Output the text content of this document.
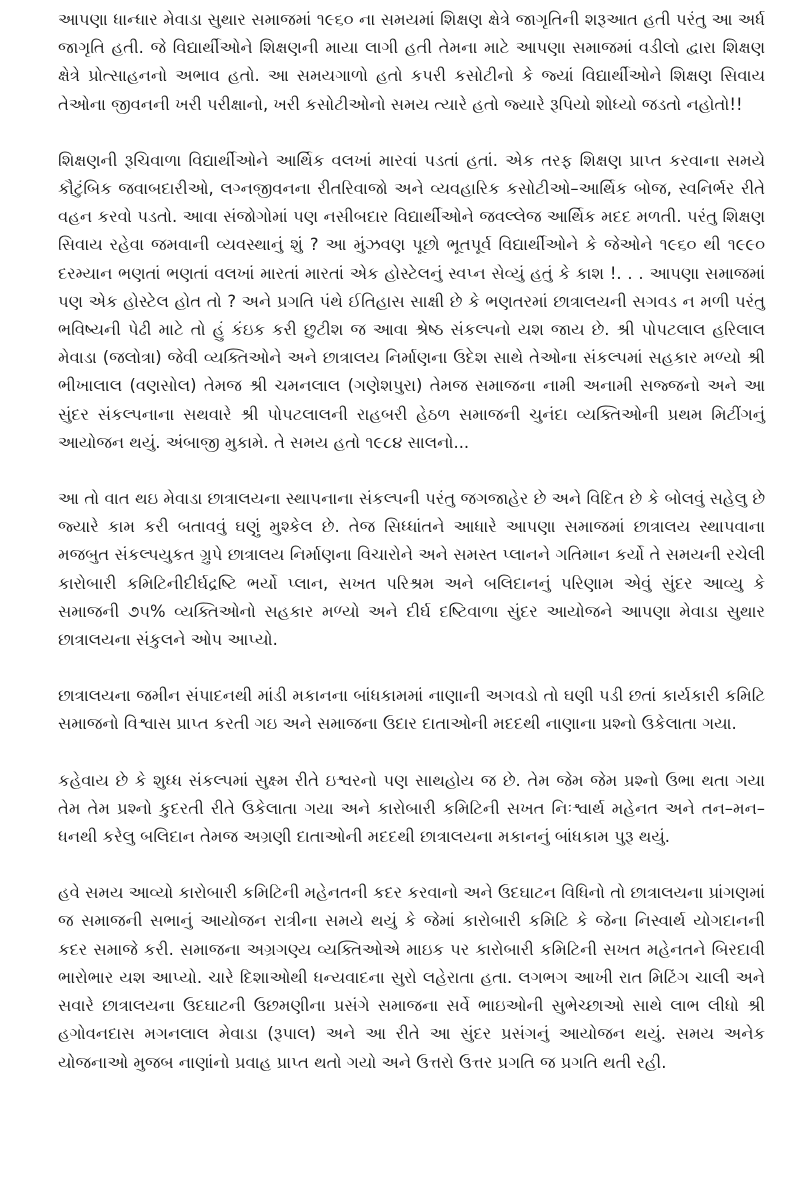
આપણા ધાન્ધાર મેવાડા સુથાર સમાજમાં ૧૯૬૦ ના સમયમાં શિક્ષણ ક્ષેત્રે જાગૃતિની શરૂઆત હતી પરંતુ આ અર્ધ જાગૃતિ હતી. જે વિદ્યાર્થીઓને શિક્ષણની માયા લાગી હતી તેમના માટે આપણા સમાજમાં વડીલો દ્વારા શિક્ષણ ક્ષેત્રે પ્રોત્સાહનનો અભાવ હતો. આ સમયગાળો હતો કપરી કસોટીનો કે જ્યાં વિદ્યાર્થીઓને શિક્ષણ સિવાય તેઓના જીવનની ખરી પરીક્ષાનો, ખરી કસોટીઓનો સમય ત્યારે હતો જ્યારે રૂપિયો શોધ્યો જડતો નહોતો!!

શિક્ષણની રૂચિવાળા વિદ્યાર્થીઓને આર્થિક વલખાં મારવાં પડતાં હતાં. એક તરફ શિક્ષણ પ્રાપ્ત કરવાના સમયે કૌટુંબિક જવાબદારીઓ, લગ્નજીવનના રીતરિવાજો અને વ્યવહારિક કસોટીઓ–આર્થિક બોજ, સ્વનિર્ભર રીતે વહન કરવો પડતો. આવા સંજોગોમાં પણ નસીબદાર વિદ્યાર્થીઓને જવલ્લેજ આર્થિક મદદ મળતી. પરંતુ શિક્ષણ સિવાય રહેવા જમવાની વ્યવસ્થાનું શું ? આ મુંઝવણ પૂછો ભૂતપૂર્વ વિદ્યાર્થીઓને કે જેઓને ૧૯૬૦ થી ૧૯૯૦ દરમ્યાન ભણતાં ભણતાં વલખાં મારતાં મારતાં એક હોસ્ટેલનું સ્વપ્ન સેવ્યું હતું કે કાશ !. . . આપણા સમાજમાં પણ એક હોસ્ટેલ હોત તો ? અને પ્રગતિ પંથે ઈતિહાસ સાક્ષી છે કે ભણતરમાં છાત્રાલયની સગવડ ન મળી પરંતુ ભવિષ્યની પેઢી માટે તો હું કંઇક કરી છુટીશ જ આવા શ્રેષ્ઠ સંકલ્પનો યશ જાય છે. શ્રી પોપટલાલ હરિલાલ મેવાડા (જલોત્રા) જેવી વ્યક્તિઓને અને છાત્રાલય નિર્માણના ઉદેશ સાથે તેઓના સંકલ્પમાં સહકાર મળ્યો શ્રી ભીખાલાલ (વણસોલ) તેમજ શ્રી ચમનલાલ (ગણેશપુરા) તેમજ સમાજના નામી અનામી સજ્જનો અને આ સુંદર સંકલ્પનાના સથવારે શ્રી પોપટલાલની રાહબરી હેઠળ સમાજની ચુનંદા વ્યક્તિઓની પ્રથમ મિટીંગનું આયોજન થયું. અંબાજી મુકામે. તે સમય હતો ૧૯૮૪ સાલનો...

આ તો વાત થઇ મેવાડા છાત્રાલયના સ્થાપનાના સંકલ્પની પરંતુ જગજાહેર છે અને વિદિત છે કે બોલવું સહેલુ છે જ્યારે કામ કરી બતાવવું ઘણું મુશ્કેલ છે. તેજ સિધ્ધાંતને આધારે આપણા સમાજમાં છાત્રાલય સ્થાપવાના મજબુત સંકલ્પયુકત ગ્રુપે છાત્રાલય નિર્માણના વિચારોને અને સમસ્ત પ્લાનને ગતિમાન કર્યો તે સમયની રચેલી કારોબારી કમિટિનીદીર્ઘદ્રષ્ટિ ભર્યો પ્લાન, સખત પરિશ્રમ અને બલિદાનનું પરિણામ એવું સુંદર આવ્યુ કે સમાજની ૭૫% વ્યક્તિઓનો સહકાર મળ્યો અને દીર્ઘ દષ્ટિવાળા સુંદર આયોજને આપણા મેવાડા સુથાર છાત્રાલયના સંકુલને ઓપ આપ્યો.

છાત્રાલયના જમીન સંપાદનથી માંડી મકાનના બાંધકામમાં નાણાની અગવડો તો ઘણી પડી છતાં કાર્યકારી કમિટિ સમાજનો વિશ્વાસ પ્રાપ્ત કરતી ગઇ અને સમાજના ઉદાર દાતાઓની મદદથી નાણાના પ્રશ્નો ઉકેલાતા ગયા.

કહેવાય છે કે શુધ્ધ સંકલ્પમાં સુક્ષ્મ રીતે ઇશ્વરનો પણ સાથહોય જ છે. તેમ જેમ જેમ પ્રશ્નો ઉભા થતા ગયા તેમ તેમ પ્રશ્નો કુદરતી રીતે ઉકેલાતા ગયા અને કારોબારી કમિટિની સખત નિઃશ્વાર્થ મહેનત અને તન–મન–ધનથી કરેલુ બલિદાન તેમજ અગ્રણી દાતાઓની મદદથી છાત્રાલયના મકાનનું બાંધકામ પુરૂ થયું.

હવે સમય આવ્યો કારોબારી કમિટિની મહેનતની કદર કરવાનો અને ઉદઘાટન વિધિનો તો છાત્રાલયના પ્રાંગણમાં જ સમાજની સભાનું આયોજન રાત્રીના સમયે થયું કે જેમાં કારોબારી કમિટિ કે જેના નિસ્વાર્થ યોગદાનની કદર સમાજે કરી. સમાજના અગ્રગણ્ય વ્યક્તિઓએ માઇક પર કારોબારી કમિટિની સખત મહેનતને બિરદાવી ભારોભાર યશ આપ્યો. ચારે દિશાઓથી ધન્યવાદના સુરો લહેરાતા હતા. લગભગ આખી રાત મિટિંગ ચાલી અને સવારે છાત્રાલયના ઉદઘાટની ઉછમણીના પ્રસંગે સમાજના સર્વે ભાઇઓની સુભેચ્છાઓ સાથે લાભ લીધો શ્રી હગોવનદાસ મગનલાલ મેવાડા (રૂપાલ) અને આ રીતે આ સુંદર પ્રસંગનું આયોજન થયું. સમય અનેક યોજનાઓ મુજબ નાણાંનો પ્રવાહ પ્રાપ્ત થતો ગયો અને ઉત્તરો ઉત્તર પ્રગતિ જ પ્રગતિ થતી રહી.
